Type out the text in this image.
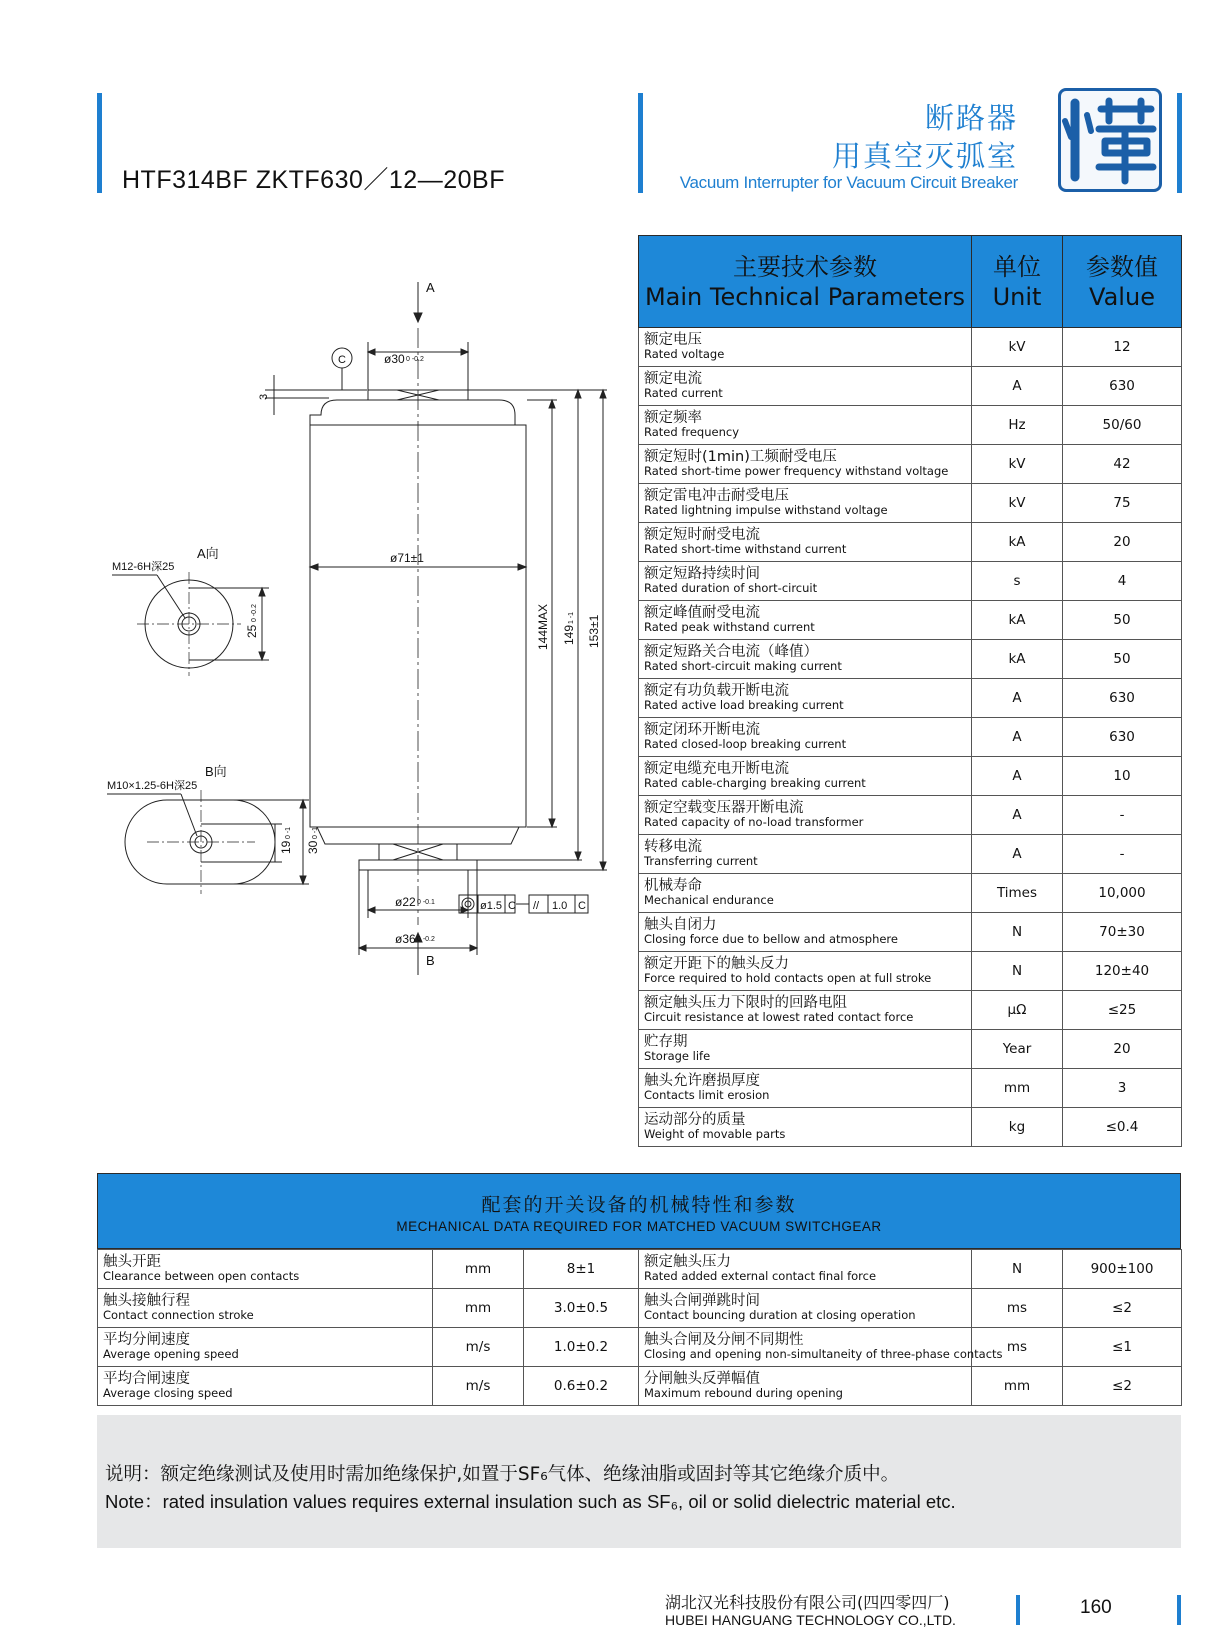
HTF314BF ZKTF630／12—20BF
断路器
用真空灭弧室
Vacuum Interrupter for Vacuum Circuit Breaker
A
ø30 0 -0.2
C
3
ø71±1
144MAX 149
1 -1 153±1
A向
M12-6H深25
25
0 -0.2
B向
M10×1.25-6H深25
19
0 -1
30
0 -1
ø22 0 -0.1
ø36 0 -0.2
ø1.5 C // 1.0 C
B
主要技术参数
Main Technical Parameters	单位
Unit	参数值
Value

额定电压
Rated voltage	kV	12

额定电流
Rated current	A	630

额定频率
Rated frequency	Hz	50/60

额定短时(1min)工频耐受电压
Rated short-time power frequency withstand voltage	kV	42

额定雷电冲击耐受电压
Rated lightning impulse withstand voltage	kV	75

额定短时耐受电流
Rated short-time withstand current	kA	20

额定短路持续时间
Rated duration of short-circuit	s	4

额定峰值耐受电流
Rated peak withstand current	kA	50

额定短路关合电流（峰值）
Rated short-circuit making current	kA	50

额定有功负载开断电流
Rated active load breaking current	A	630

额定闭环开断电流
Rated closed-loop breaking current	A	630

额定电缆充电开断电流
Rated cable-charging breaking current	A	10

额定空载变压器开断电流
Rated capacity of no-load transformer	A	-

转移电流
Transferring current	A	-

机械寿命
Mechanical endurance	Times	10,000

触头自闭力
Closing force due to bellow and atmosphere	N	70±30

额定开距下的触头反力
Force required to hold contacts open at full stroke	N	120±40

额定触头压力下限时的回路电阻
Circuit resistance at lowest rated contact force	μΩ	≤25

贮存期
Storage life	Year	20

触头允许磨损厚度
Contacts limit erosion	mm	3

运动部分的质量
Weight of movable parts	kg	≤0.4
配套的开关设备的机械特性和参数
MECHANICAL DATA REQUIRED FOR MATCHED VACUUM SWITCHGEAR
触头开距
Clearance between open contacts	mm	8±1	额定触头压力
Rated added external contact final force	N	900±100

触头接触行程
Contact connection stroke	mm	3.0±0.5	触头合闸弹跳时间
Contact bouncing duration at closing operation	ms	≤2

平均分闸速度
Average opening speed	m/s	1.0±0.2	触头合闸及分闸不同期性
Closing and opening non-simultaneity of three-phase contacts	ms	≤1

平均合闸速度
Average closing speed	m/s	0.6±0.2	分闸触头反弹幅值
Maximum rebound during opening	mm	≤2
说明：额定绝缘测试及使用时需加绝缘保护,如置于SF₆气体、绝缘油脂或固封等其它绝缘介质中。
Note：rated insulation values requires external insulation such as SF₆, oil or solid dielectric material etc.
湖北汉光科技股份有限公司(四四零四厂)
HUBEI HANGUANG TECHNOLOGY CO.,LTD.
160
